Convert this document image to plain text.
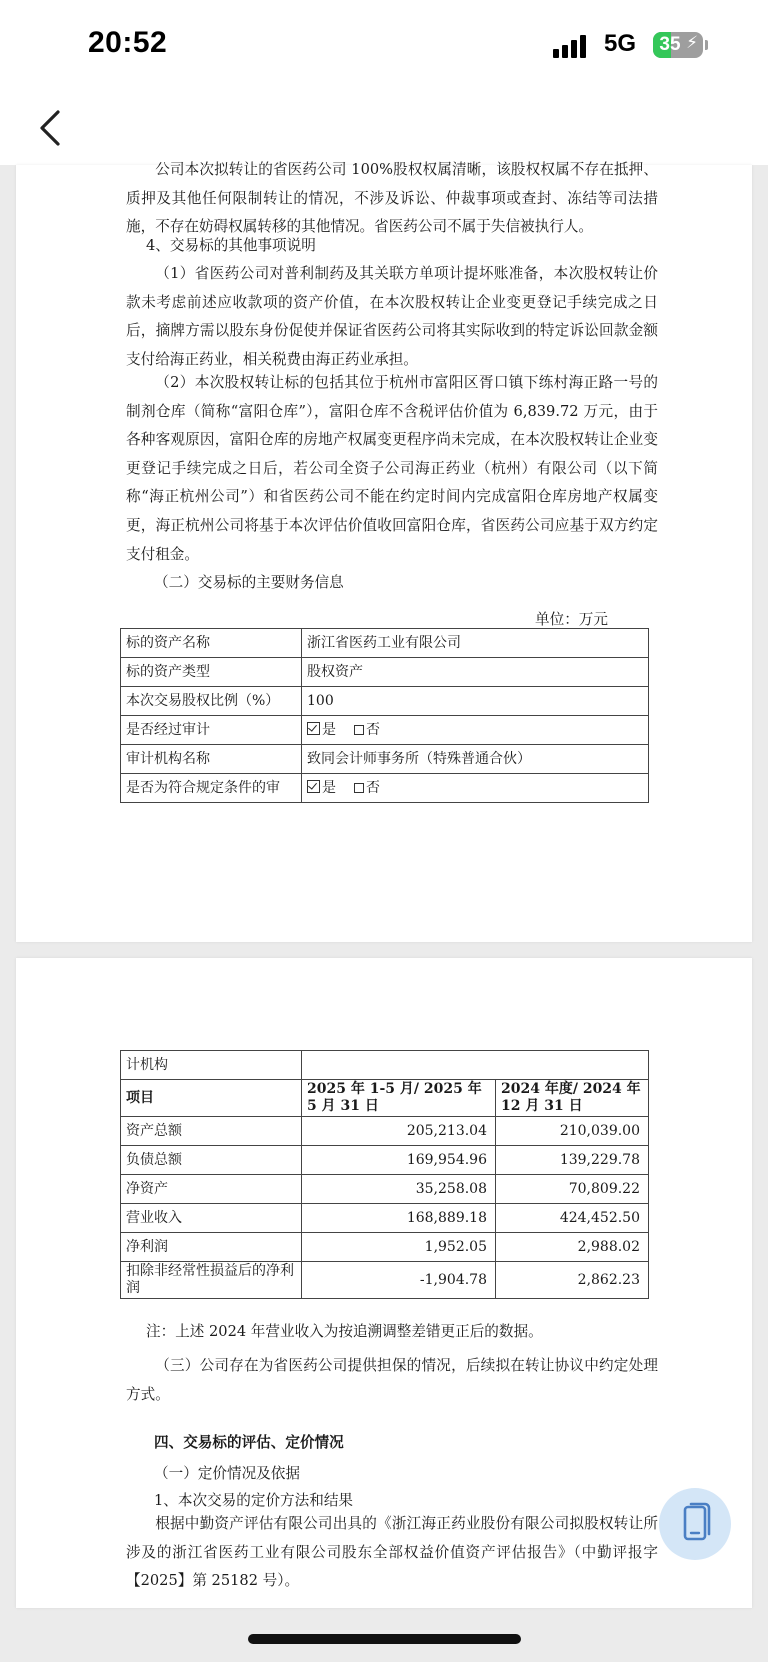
20:52	5G	35 ⚡

公司本次拟转让的省医药公司 100%股权权属清晰，该股权权属不存在抵押、质押及其他任何限制转让的情况，不涉及诉讼、仲裁事项或查封、冻结等司法措施，不存在妨碍权属转移的其他情况。省医药公司不属于失信被执行人。

4、交易标的其他事项说明

（1）省医药公司对普利制药及其关联方单项计提坏账准备，本次股权转让价款未考虑前述应收款项的资产价值，在本次股权转让企业变更登记手续完成之日后，摘牌方需以股东身份促使并保证省医药公司将其实际收到的特定诉讼回款金额支付给海正药业，相关税费由海正药业承担。

（2）本次股权转让标的包括其位于杭州市富阳区胥口镇下练村海正路一号的制剂仓库（简称“富阳仓库”），富阳仓库不含税评估价值为 6,839.72 万元，由于各种客观原因，富阳仓库的房地产权属变更程序尚未完成，在本次股权转让企业变更登记手续完成之日后，若公司全资子公司海正药业（杭州）有限公司（以下简称“海正杭州公司”）和省医药公司不能在约定时间内完成富阳仓库房地产权属变更，海正杭州公司将基于本次评估价值收回富阳仓库，省医药公司应基于双方约定支付租金。

（二）交易标的主要财务信息

单位：万元

标的资产名称	浙江省医药工业有限公司
标的资产类型	股权资产
本次交易股权比例（%）	100
是否经过审计	是 否
审计机构名称	致同会计师事务所（特殊普通合伙）
是否为符合规定条件的审	是 否
计机构		
项目	2025 年 1-5 月/ 2025 年 5 月 31 日	2024 年度/ 2024 年 12 月 31 日
资产总额	205,213.04	210,039.00
负债总额	169,954.96	139,229.78
净资产	35,258.08	70,809.22
营业收入	168,889.18	424,452.50
净利润	1,952.05	2,988.02
扣除非经常性损益后的净利润	-1,904.78	2,862.23

注：上述 2024 年营业收入为按追溯调整差错更正后的数据。

（三）公司存在为省医药公司提供担保的情况，后续拟在转让协议中约定处理方式。

四、交易标的评估、定价情况

（一）定价情况及依据

1、本次交易的定价方法和结果

根据中勤资产评估有限公司出具的《浙江海正药业股份有限公司拟股权转让所涉及的浙江省医药工业有限公司股东全部权益价值资产评估报告》（中勤评报字【2025】第 25182 号）。
